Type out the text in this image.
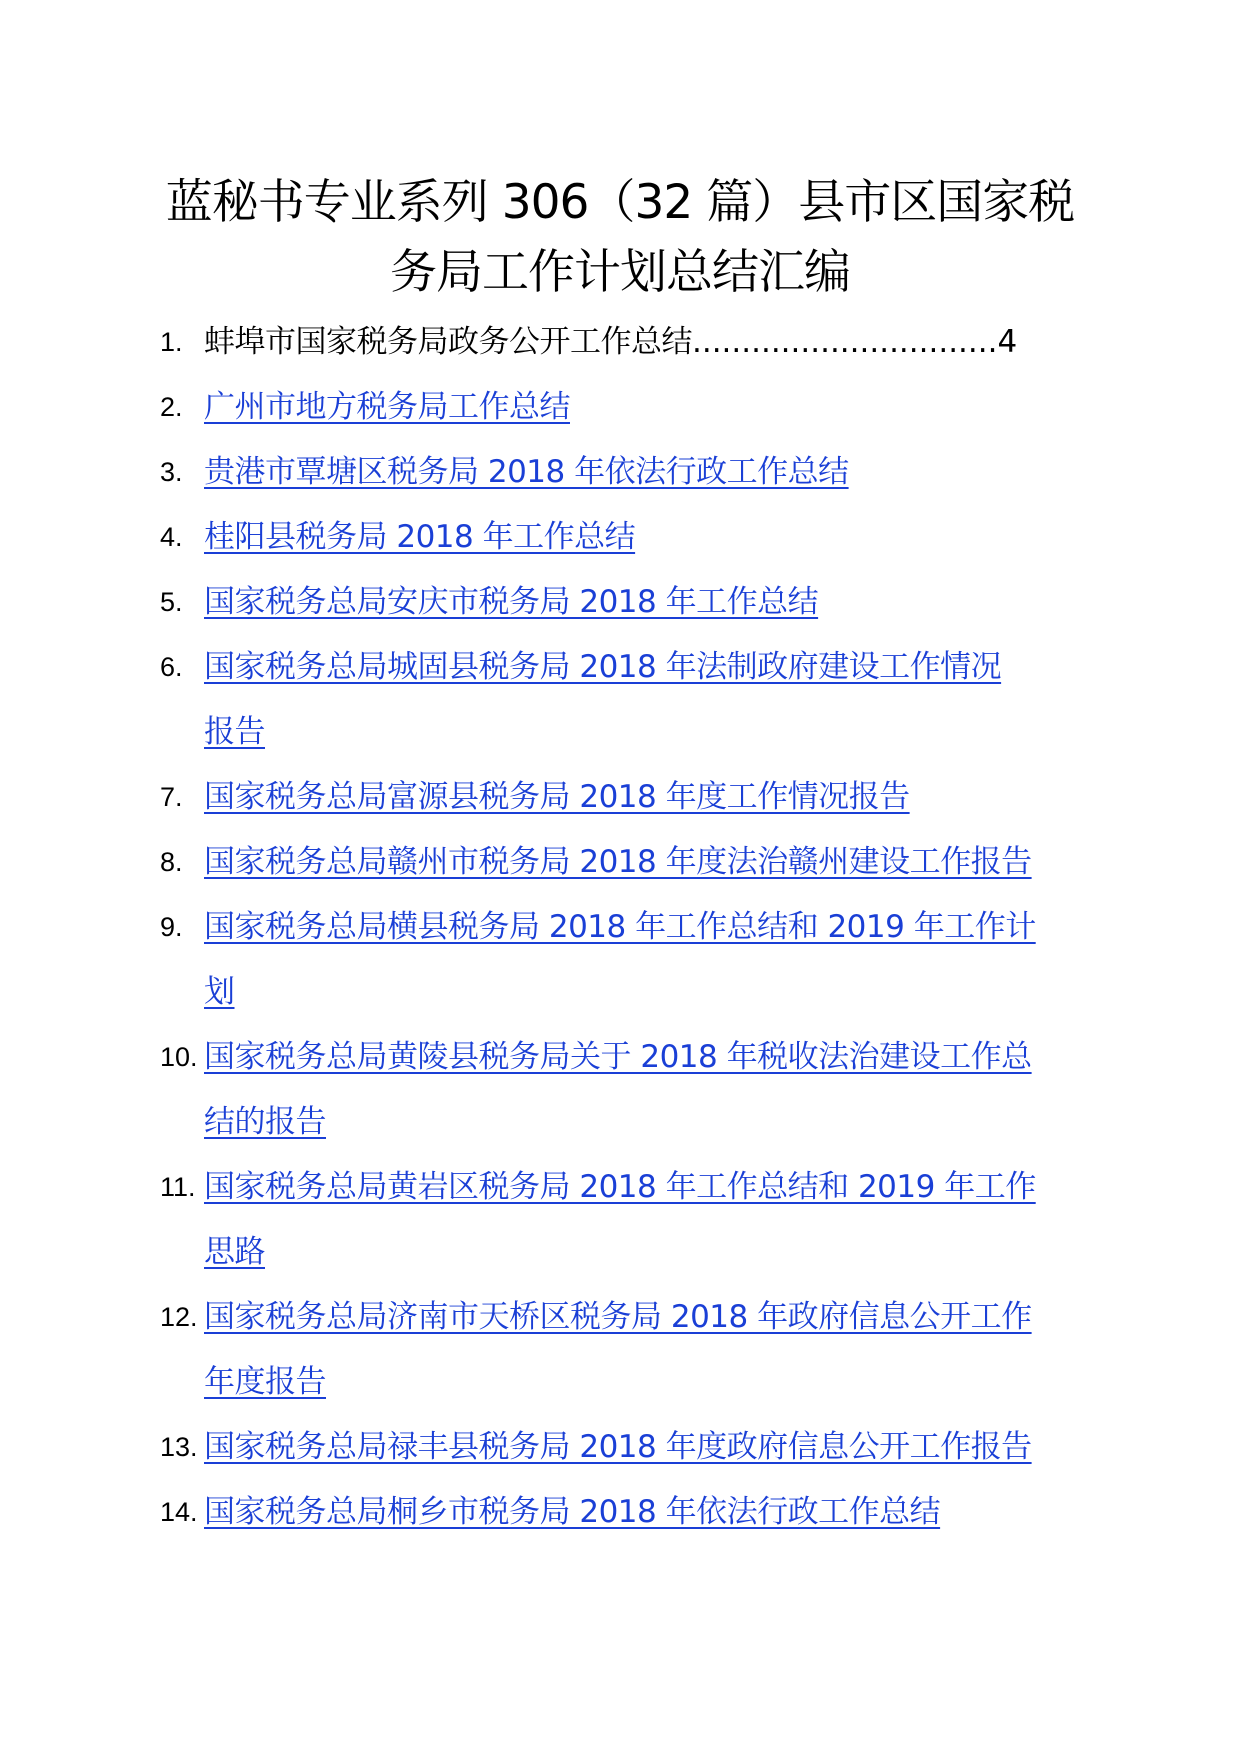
蓝秘书专业系列 306（32 篇）县市区国家税
务局工作计划总结汇编
1. 蚌埠市国家税务局政务公开工作总结...............................4
2. 广州市地方税务局工作总结
3. 贵港市覃塘区税务局 2018 年依法行政工作总结
4. 桂阳县税务局 2018 年工作总结
5. 国家税务总局安庆市税务局 2018 年工作总结
6. 国家税务总局城固县税务局 2018 年法制政府建设工作情况
报告
7. 国家税务总局富源县税务局 2018 年度工作情况报告
8. 国家税务总局赣州市税务局 2018 年度法治赣州建设工作报告
9. 国家税务总局横县税务局 2018 年工作总结和 2019 年工作计
划
10. 国家税务总局黄陵县税务局关于 2018 年税收法治建设工作总
结的报告
11. 国家税务总局黄岩区税务局 2018 年工作总结和 2019 年工作
思路
12. 国家税务总局济南市天桥区税务局 2018 年政府信息公开工作
年度报告
13. 国家税务总局禄丰县税务局 2018 年度政府信息公开工作报告
14. 国家税务总局桐乡市税务局 2018 年依法行政工作总结
